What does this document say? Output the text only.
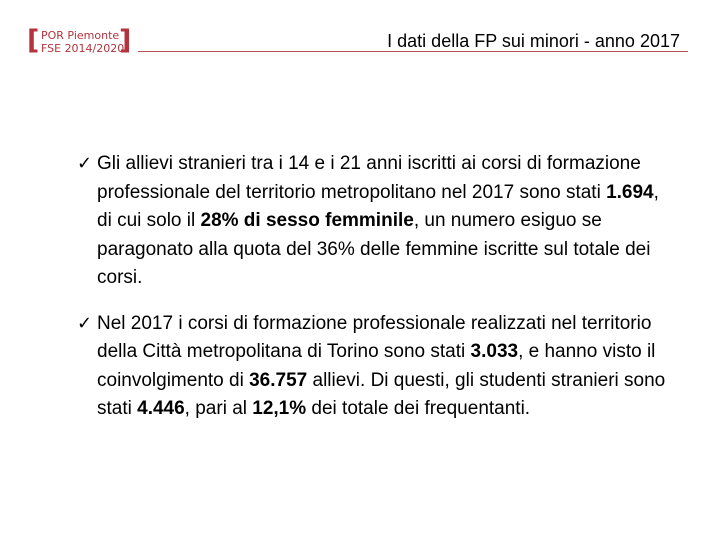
[ POR Piemonte
FSE 2014/2020
]	I dati della FP sui minori - anno 2017
✓ Gli allievi stranieri tra i 14 e i 21 anni iscritti ai corsi di formazione professionale del territorio metropolitano nel 2017 sono stati 1.694, di cui solo il 28% di sesso femminile, un numero esiguo se paragonato alla quota del 36% delle femmine iscritte sul totale dei corsi.
✓ Nel 2017 i corsi di formazione professionale realizzati nel territorio della Città metropolitana di Torino sono stati 3.033, e hanno visto il coinvolgimento di 36.757 allievi. Di questi, gli studenti stranieri sono stati 4.446, pari al 12,1% dei totale dei frequentanti.
